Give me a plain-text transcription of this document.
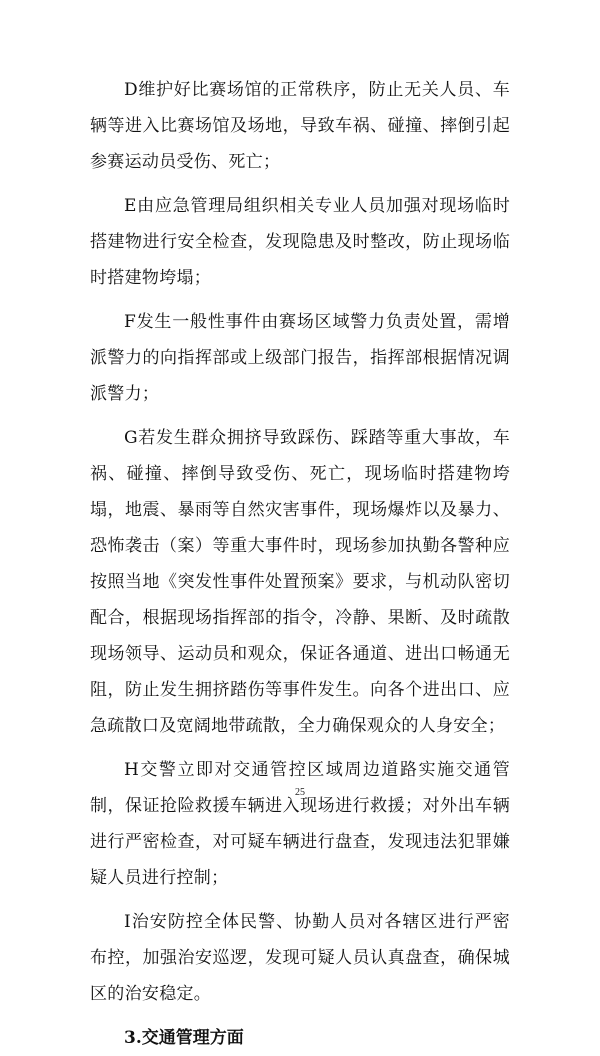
D维护好比赛场馆的正常秩序，防止无关人员、车辆等进入比赛场馆及场地，导致车祸、碰撞、摔倒引起参赛运动员受伤、死亡；

E由应急管理局组织相关专业人员加强对现场临时搭建物进行安全检查，发现隐患及时整改，防止现场临时搭建物垮塌；

F发生一般性事件由赛场区域警力负责处置，需增派警力的向指挥部或上级部门报告，指挥部根据情况调派警力；

G若发生群众拥挤导致踩伤、踩踏等重大事故，车祸、碰撞、摔倒导致受伤、死亡，现场临时搭建物垮塌，地震、暴雨等自然灾害事件，现场爆炸以及暴力、恐怖袭击（案）等重大事件时，现场参加执勤各警种应按照当地《突发性事件处置预案》要求，与机动队密切配合，根据现场指挥部的指令，冷静、果断、及时疏散现场领导、运动员和观众，保证各通道、进出口畅通无阻，防止发生拥挤踏伤等事件发生。向各个进出口、应急疏散口及宽阔地带疏散，全力确保观众的人身安全；

H交警立即对交通管控区域周边道路实施交通管制，保证抢险救援车辆进入现场进行救援；对外出车辆进行严密检查，对可疑车辆进行盘查，发现违法犯罪嫌疑人员进行控制；

I治安防控全体民警、协勤人员对各辖区进行严密布控，加强治安巡逻，发现可疑人员认真盘查，确保城区的治安稳定。

3.交通管理方面

25
